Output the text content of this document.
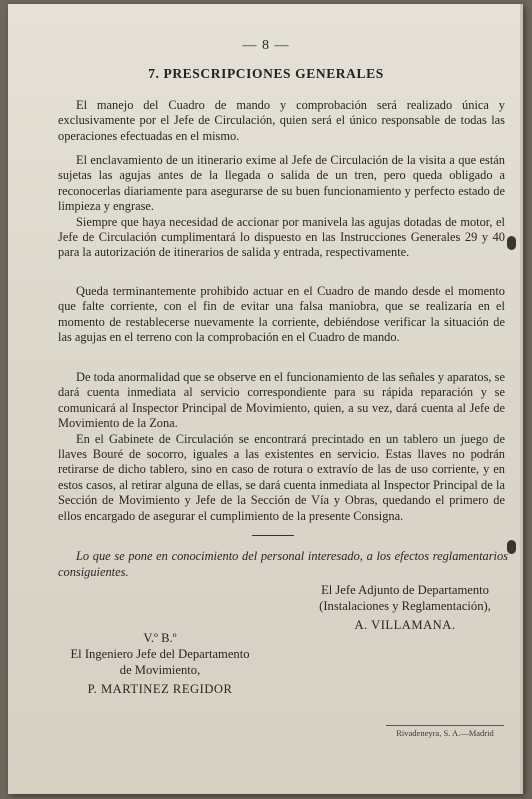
— 8 —
7. PRESCRIPCIONES GENERALES

El manejo del Cuadro de mando y comprobación será realizado única y exclusivamente por el Jefe de Circulación, quien será el único responsable de todas las operaciones efectuadas en el mismo.

El enclavamiento de un itinerario exime al Jefe de Circulación de la visita a que están sujetas las agujas antes de la llegada o salida de un tren, pero queda obligado a reconocerlas diariamente para asegurarse de su buen funcionamiento y perfecto estado de limpieza y engrase.

Siempre que haya necesidad de accionar por manivela las agujas dotadas de motor, el Jefe de Circulación cumplimentará lo dispuesto en las Instrucciones Generales 29 y 40 para la autorización de itinerarios de salida y entrada, respectivamente.

Queda terminantemente prohibido actuar en el Cuadro de mando desde el momento que falte corriente, con el fin de evitar una falsa maniobra, que se realizaría en el momento de restablecerse nuevamente la corriente, debiéndose verificar la situación de las agujas en el terreno con la comprobación en el Cuadro de mando.

De toda anormalidad que se observe en el funcionamiento de las señales y aparatos, se dará cuenta inmediata al servicio correspondiente para su rápida reparación y se comunicará al Inspector Principal de Movimiento, quien, a su vez, dará cuenta al Jefe de Movimiento de la Zona.

En el Gabinete de Circulación se encontrará precintado en un tablero un juego de llaves Bouré de socorro, iguales a las existentes en servicio. Estas llaves no podrán retirarse de dicho tablero, sino en caso de rotura o extravío de las de uso corriente, y en estos casos, al retirar alguna de ellas, se dará cuenta inmediata al Inspector Principal de la Sección de Movimiento y Jefe de la Sección de Vía y Obras, quedando el primero de ellos encargado de asegurar el cumplimiento de la presente Consigna.

Lo que se pone en conocimiento del personal interesado, a los efectos reglamentarios consiguientes.

El Jefe Adjunto de Departamento
(Instalaciones y Reglamentación),
A. VILLAMANA.
V.º B.º
El Ingeniero Jefe del Departamento
de Movimiento,
P. MARTINEZ REGIDOR
Rivadeneyra, S. A.—Madrid
